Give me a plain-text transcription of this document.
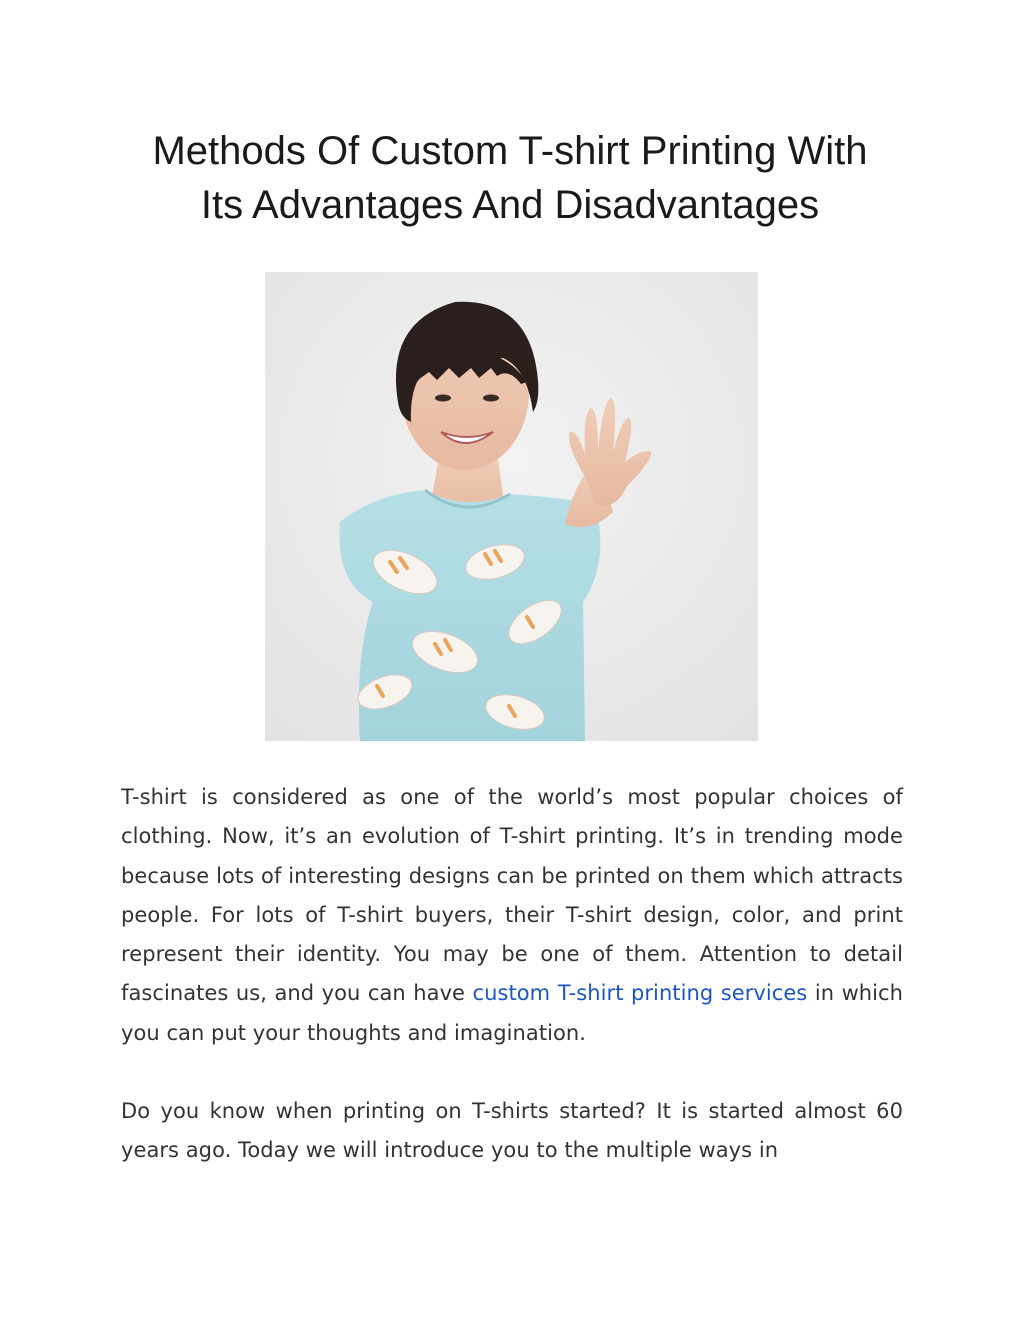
Methods Of Custom T-shirt Printing With
Its Advantages And Disadvantages

T-shirt is considered as one of the world’s most popular choices of clothing. Now, it’s an evolution of T-shirt printing. It’s in trending mode because lots of interesting designs can be printed on them which attracts people. For lots of T-shirt buyers, their T-shirt design, color, and print represent their identity. You may be one of them. Attention to detail fascinates us, and you can have custom T-shirt printing services in which you can put your thoughts and imagination.

Do you know when printing on T-shirts started? It is started almost 60 years ago. Today we will introduce you to the multiple ways in
